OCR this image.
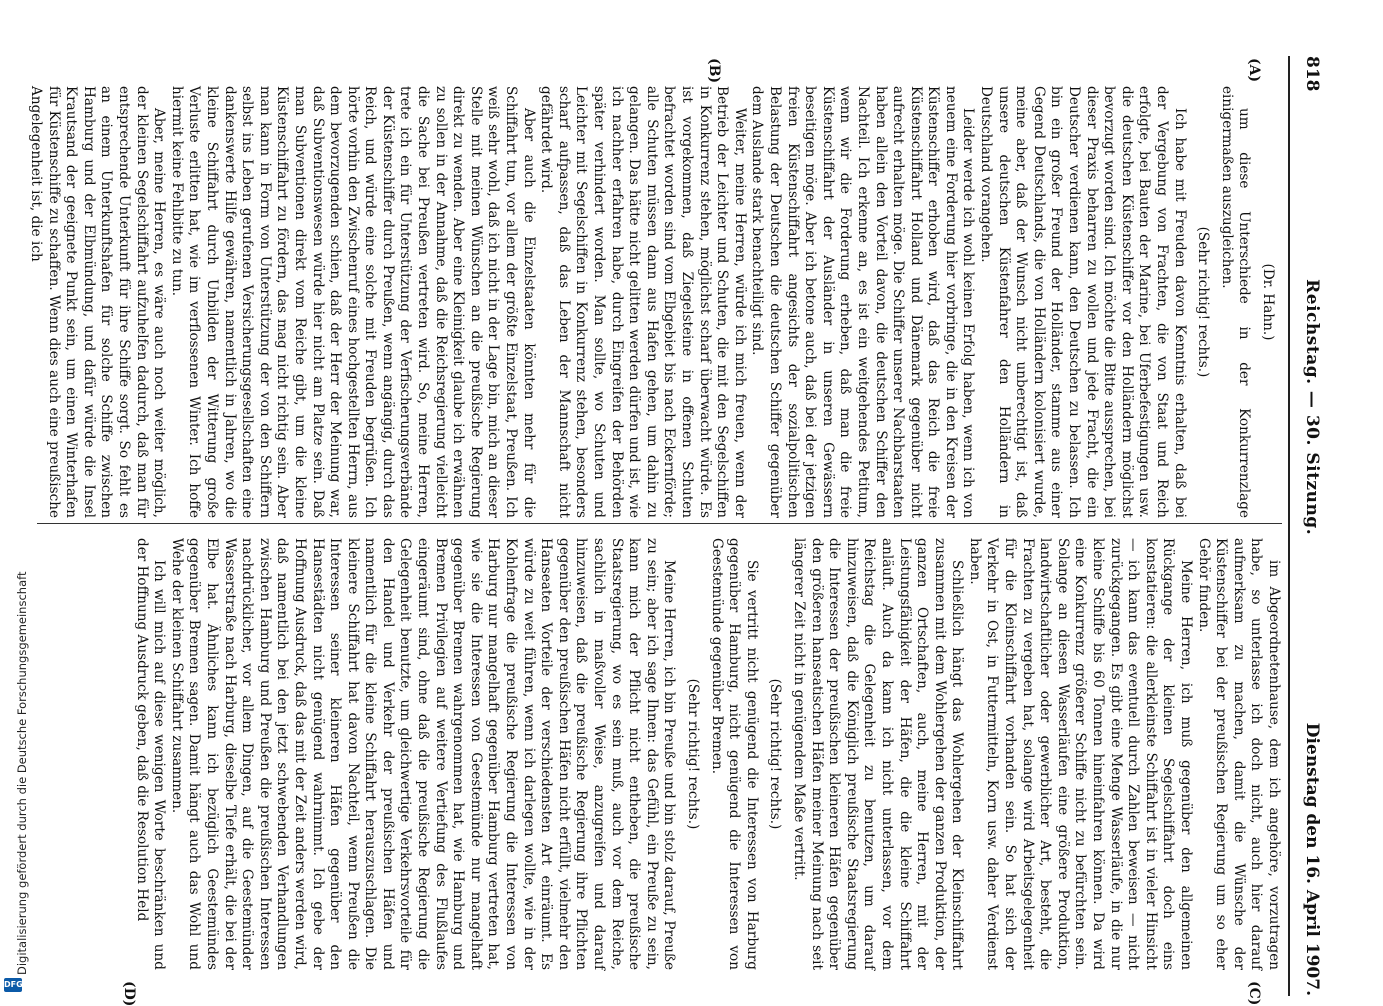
Digitalisierung gefördert durch die Deutsche Forschungsgemeinschaft
DFG
818
Reichstag. — 30. Sitzung.
Dienstag den 16. April 1907.
(A)
(B)
(C)
(D)

(Dr. Hahn.)

um diese Unterschiede in der Konkurrenzlage einigermaßen auszugleichen.

(Sehr richtig! rechts.)

Ich habe mit Freuden davon Kenntnis erhalten, daß bei der Vergebung von Frachten, die von Staat und Reich erfolgte, bei Bauten der Marine, bei Uferbefestigungen usw. die deutschen Küstenschiffer vor den Holländern möglichst bevorzugt worden sind. Ich möchte die Bitte aussprechen, bei dieser Praxis beharren zu wollen und jede Fracht, die ein Deutscher verdienen kann, den Deutschen zu belassen. Ich bin ein großer Freund der Holländer, stamme aus einer Gegend Deutschlands, die von Holländern kolonisiert wurde, meine aber, daß der Wunsch nicht unberechtigt ist, daß unsere deutschen Küstenfahrer den Holländern in Deutschland vorangehen.

Leider werde ich wohl keinen Erfolg haben, wenn ich von neuem eine Forderung hier vorbringe, die in den Kreisen der Küstenschiffer erhoben wird, daß das Reich die freie Küstenschiffahrt Holland und Dänemark gegenüber nicht aufrecht erhalten möge. Die Schiffer unserer Nachbarstaaten haben allein den Vorteil davon, die deutschen Schiffer den Nachteil. Ich erkenne an, es ist ein weitgehendes Petitum, wenn wir die Forderung erheben, daß man die freie Küstenschiffahrt der Ausländer in unseren Gewässern beseitigen möge. Aber ich betone auch, daß bei der jetzigen freien Küstenschiffahrt angesichts der sozialpolitischen Belastung der Deutschen die deutschen Schiffer gegenüber dem Auslande stark benachteiligt sind.

Weiter, meine Herren, würde ich mich freuen, wenn der Betrieb der Leichter und Schuten, die mit den Segelschiffen in Konkurrenz stehen, möglichst scharf überwacht würde. Es ist vorgekommen, daß Ziegelsteine in offenen Schuten befrachtet worden sind vom Elbgebiet bis nach Eckernförde; alle Schuten müssen dann aus Hafen gehen, um dahin zu gelangen. Das hätte nicht gelitten werden dürfen und ist, wie ich nachher erfahren habe, durch Eingreifen der Behörden später verhindert worden. Man sollte, wo Schuten und Leichter mit Segelschiffen in Konkurrenz stehen, besonders scharf aufpassen, daß das Leben der Mannschaft nicht gefährdet wird.

Aber auch die Einzelstaaten könnten mehr für die Schiffahrt tun, vor allem der größte Einzelstaat, Preußen. Ich weiß sehr wohl, daß ich nicht in der Lage bin, mich an dieser Stelle mit meinen Wünschen an die preußische Regierung direkt zu wenden. Aber eine Kleinigkeit glaube ich erwähnen zu sollen in der Annahme, daß die Reichsregierung vielleicht die Sache bei Preußen vertreten wird. So, meine Herren, trete ich ein für Unterstützung der Verfischerungsverbände der Küstenschiffer durch Preußen, wenn angängig, durch das Reich, und würde eine solche mit Freuden begrüßen. Ich hörte vorhin den Zwischenruf eines hochgestellten Herrn, aus dem bevorzugenden schien, daß der Herr der Meinung war, daß Subventionswesen würde hier nicht am Platze sein. Daß man Subventionen direkt vom Reiche gibt, um die kleine Küstenschiffahrt zu fördern, das mag nicht richtig sein. Aber man kann in Form von Unterstützung der von den Schiffern selbst ins Leben gerufenen Versicherungsgesellschaften eine dankenswerte Hilfe gewähren, namentlich in Jahren, wo die kleine Schiffahrt durch Unbilden der Witterung große Verluste erlitten hat, wie im verflossenen Winter. Ich hoffe hiermit keine Fehlbitte zu tun.

Aber, meine Herren, es wäre auch noch weiter möglich, der kleinen Segelschiffahrt aufzuhelfen dadurch, daß man für entsprechende Unterkunft für ihre Schiffe sorgt. So fehlt es an einem Unterkunftshafen für solche Schiffe zwischen Hamburg und der Elbmündung, und dafür würde die Insel Krautsand der geeignete Punkt sein, um einen Winterhafen für Küstenschiffe zu schaffen. Wenn dies auch eine preußische Angelegenheit ist, die ich

im Abgeordnetenhause, dem ich angehöre, vorzutragen habe, so unterlasse ich doch nicht, auch hier darauf aufmerksam zu machen, damit die Wünsche der Küstenschiffer bei der preußischen Regierung um so eher Gehör finden.

Meine Herren, ich muß gegenüber den allgemeinen Rückgange der kleinen Segelschiffahrt doch eins konstatieren: die allerkleinste Schiffahrt ist in vieler Hinsicht — ich kann das eventuell durch Zahlen beweisen — nicht zurückgegangen. Es gibt eine Menge Wasserläufe, in die nur kleine Schiffe bis 60 Tonnen hineinfahren können. Da wird eine Konkurrenz größerer Schiffe nicht zu befürchten sein. Solange an diesen Wasserläufen eine größere Produktion, landwirtschaftlicher oder gewerblicher Art, besteht, die Frachten zu vergeben hat, solange wird Arbeitsgelegenheit für die Kleinschiffahrt vorhanden sein. So hat sich der Verkehr in Ost, in Futtermitteln, Korn usw. daher Verdienst haben.

Schließlich hängt das Wohlergehen der Kleinschiffahrt zusammen mit dem Wohlergehen der ganzen Produktion, der ganzen Ortschaften, auch, meine Herren, mit der Leistungsfähigkeit der Häfen, die die kleine Schiffahrt anläuft. Auch da kann ich nicht unterlassen, vor dem Reichstag die Gelegenheit zu benutzen, um darauf hinzuweisen, daß die Königlich preußische Staatsregierung die Interessen der preußischen kleineren Häfen gegenüber den größeren hanseatischen Häfen meiner Meinung nach seit längerer Zeit nicht in genügendem Maße vertritt.

(Sehr richtig! rechts.)

Sie vertritt nicht genügend die Interessen von Harburg gegenüber Hamburg, nicht genügend die Interessen von Geestemünde gegenüber Bremen.

(Sehr richtig! rechts.)

Meine Herren, ich bin Preuße und bin stolz darauf, Preuße zu sein; aber ich sage Ihnen: das Gefühl, ein Preuße zu sein, kann mich der Pflicht nicht entheben, die preußische Staatsregierung, wo es sein muß, auch vor dem Reiche, sachlich in maßvoller Weise, anzugreifen und darauf hinzuweisen, daß die preußische Regierung ihre Pflichten gegenüber den preußischen Häfen nicht erfüllt, vielmehr den Hanseaten Vorteile der verschiedensten Art einräumt. Es würde zu weit führen, wenn ich darlegen wollte, wie in der Kohlenfrage die preußische Regierung die Interessen von Harburg nur mangelhaft gegenüber Hamburg vertreten hat, wie sie die Interessen von Geestemünde nur mangelhaft gegenüber Bremen wahrgenommen hat, wie Hamburg und Bremen Privilegien auf weitere Vertiefung des Flußlaufes eingeräumt sind, ohne daß die preußische Regierung die Gelegenheit benutzte, um gleichwertige Verkehrsvorteile für den Handel und Verkehr der preußischen Häfen und namentlich für die kleine Schiffahrt herauszuschlagen. Die kleinere Schiffahrt hat davon Nachteil, wenn Preußen die Interessen seiner kleineren Häfen gegenüber den Hansestädten nicht genügend wahrnimmt. Ich gebe der Hoffnung Ausdruck, daß das mit der Zeit anders werden wird, daß namentlich bei den jetzt schwebenden Verhandlungen zwischen Hamburg und Preußen die preußischen Interessen nachdrücklicher, vor allem Dingen, auf die Geestemünder Wasserstraße nach Harburg, dieselbe Tiefe erhält, die bei der Elbe hat. Ähnliches kann ich bezüglich Geestemündes gegenüber Bremen sagen. Damit hängt auch das Wohl und Wehe der kleinen Schiffahrt zusammen.

Ich will mich auf diese wenigen Worte beschränken und der Hoffnung Ausdruck geben, daß die Resolution Held
